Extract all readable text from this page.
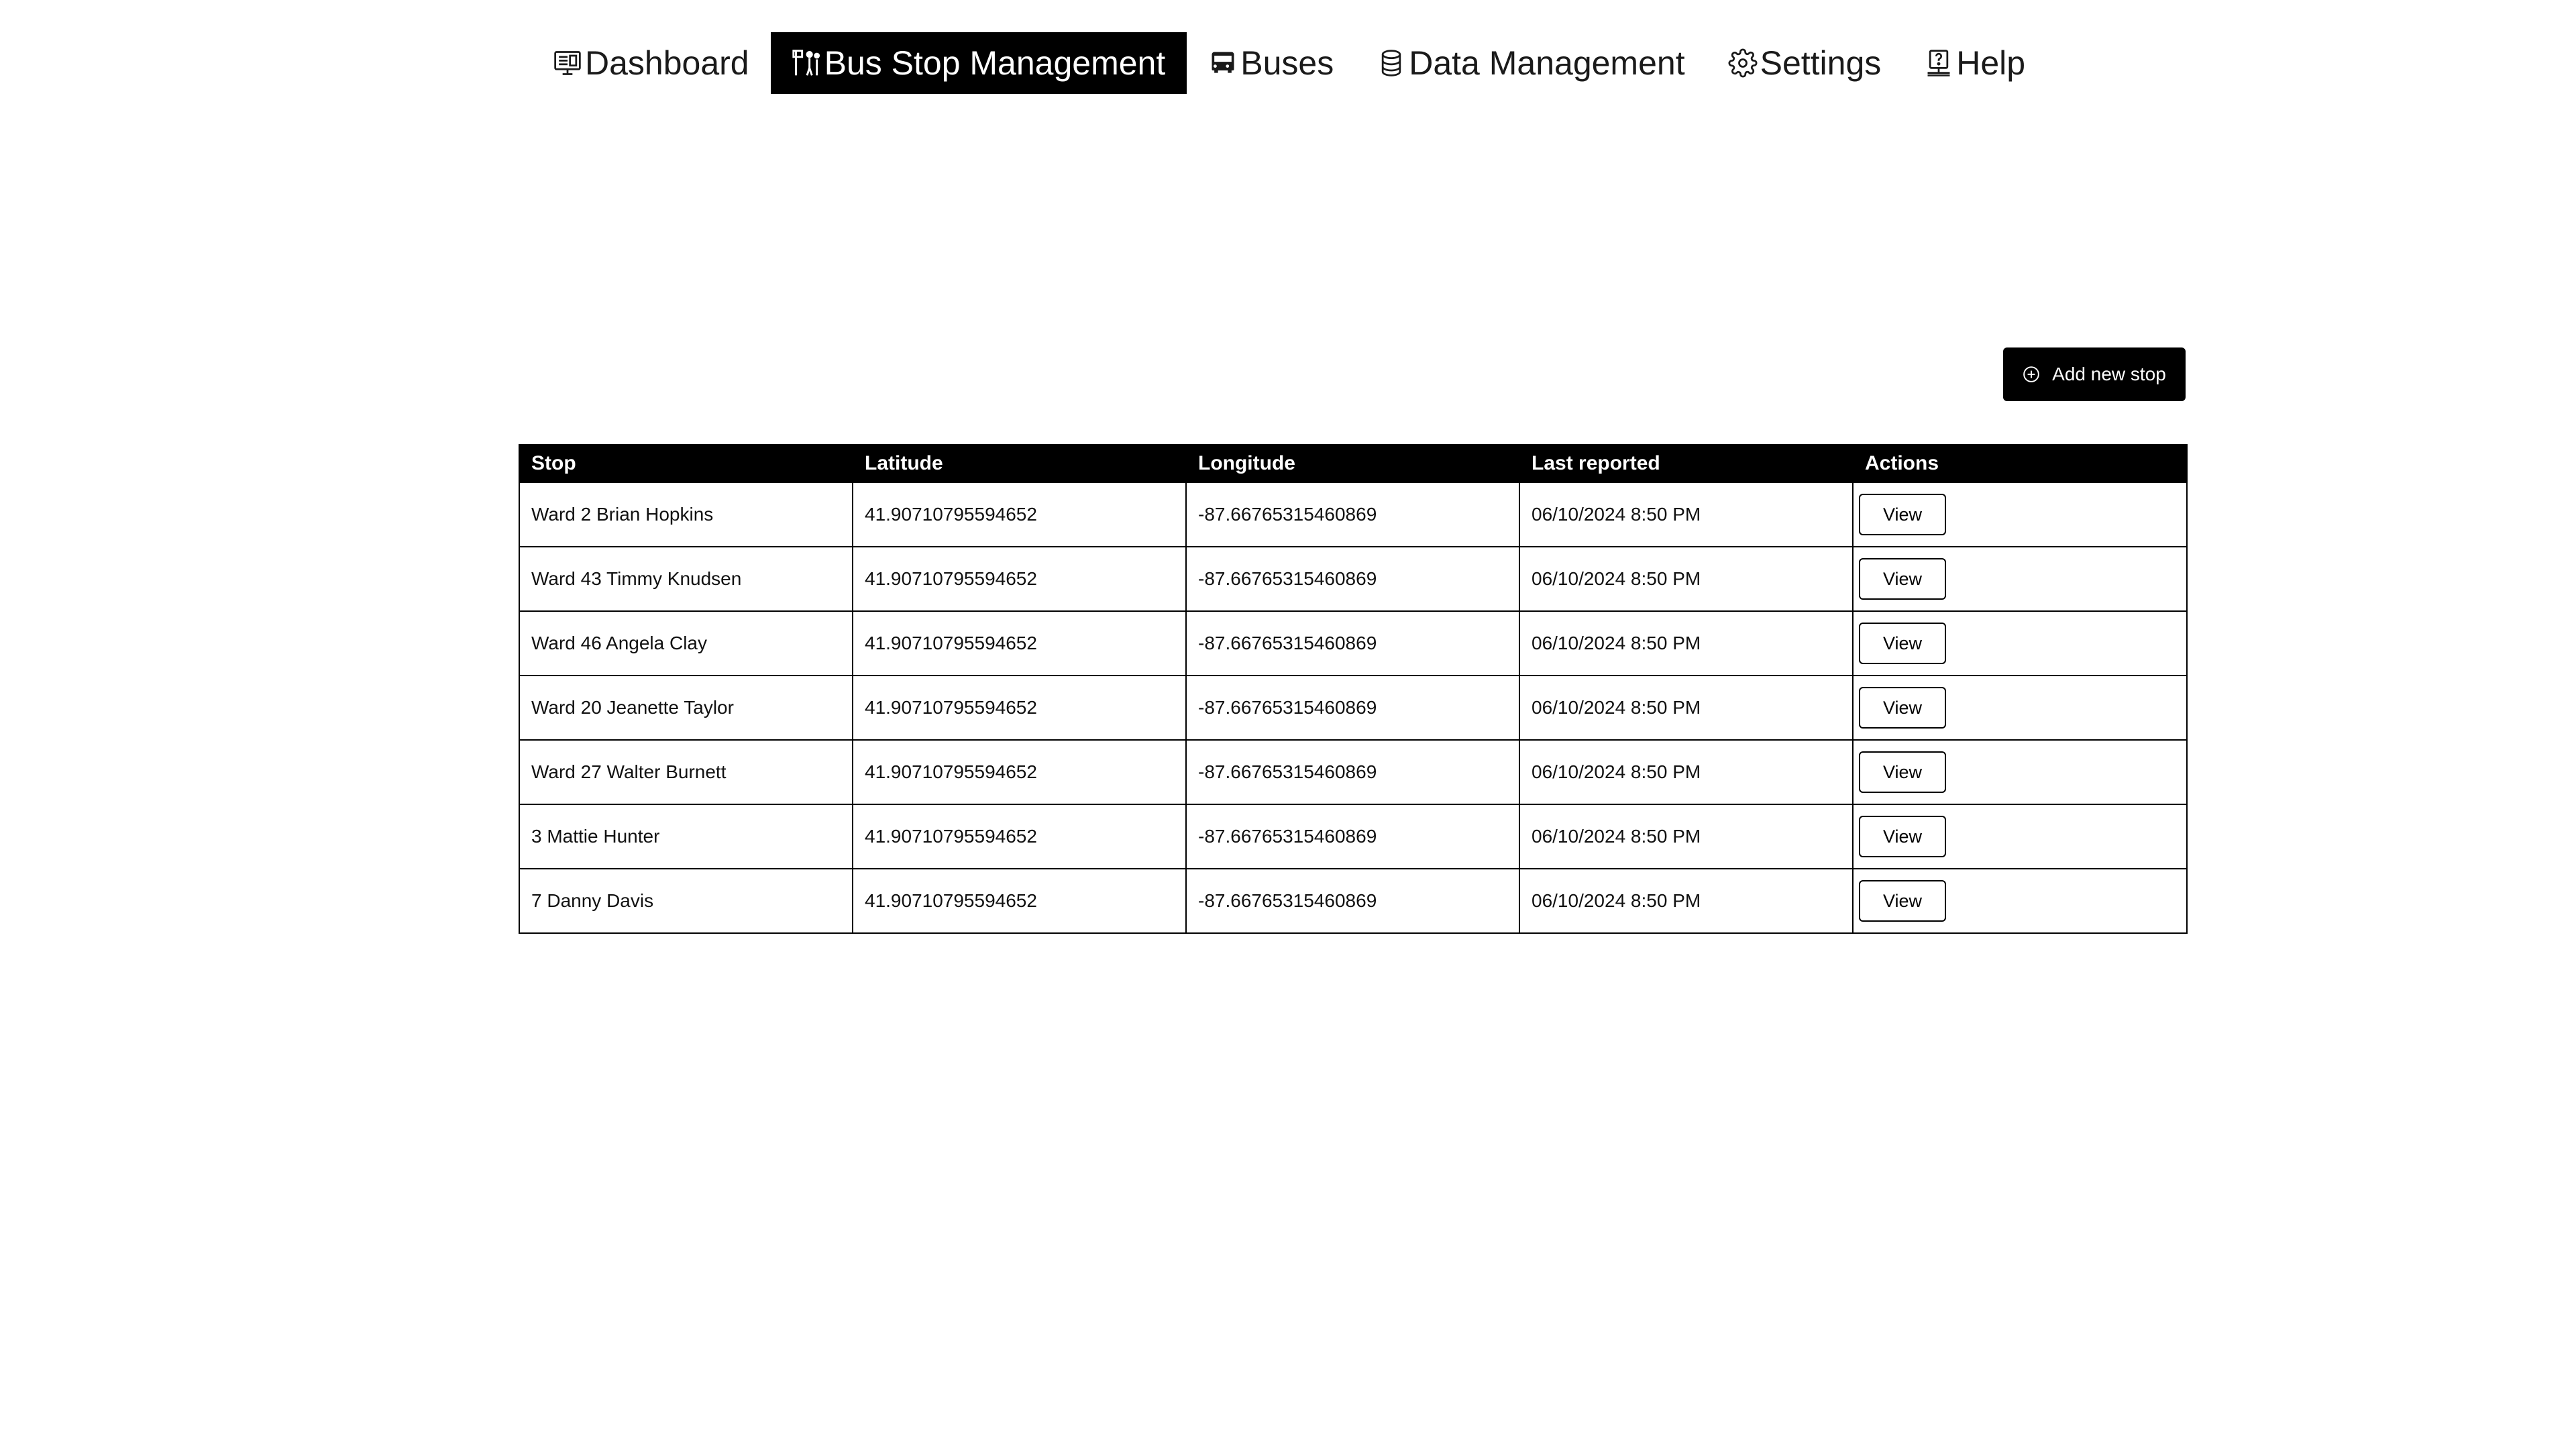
Dashboard Bus Stop Management Buses Data Management Settings Help
Add new stop
Stop	Latitude	Longitude	Last reported	Actions
Ward 2 Brian Hopkins	41.90710795594652	-87.66765315460869	06/10/2024 8:50 PM	View
Ward 43 Timmy Knudsen	41.90710795594652	-87.66765315460869	06/10/2024 8:50 PM	View
Ward 46 Angela Clay	41.90710795594652	-87.66765315460869	06/10/2024 8:50 PM	View
Ward 20 Jeanette Taylor	41.90710795594652	-87.66765315460869	06/10/2024 8:50 PM	View
Ward 27 Walter Burnett	41.90710795594652	-87.66765315460869	06/10/2024 8:50 PM	View
3 Mattie Hunter	41.90710795594652	-87.66765315460869	06/10/2024 8:50 PM	View
7 Danny Davis	41.90710795594652	-87.66765315460869	06/10/2024 8:50 PM	View
